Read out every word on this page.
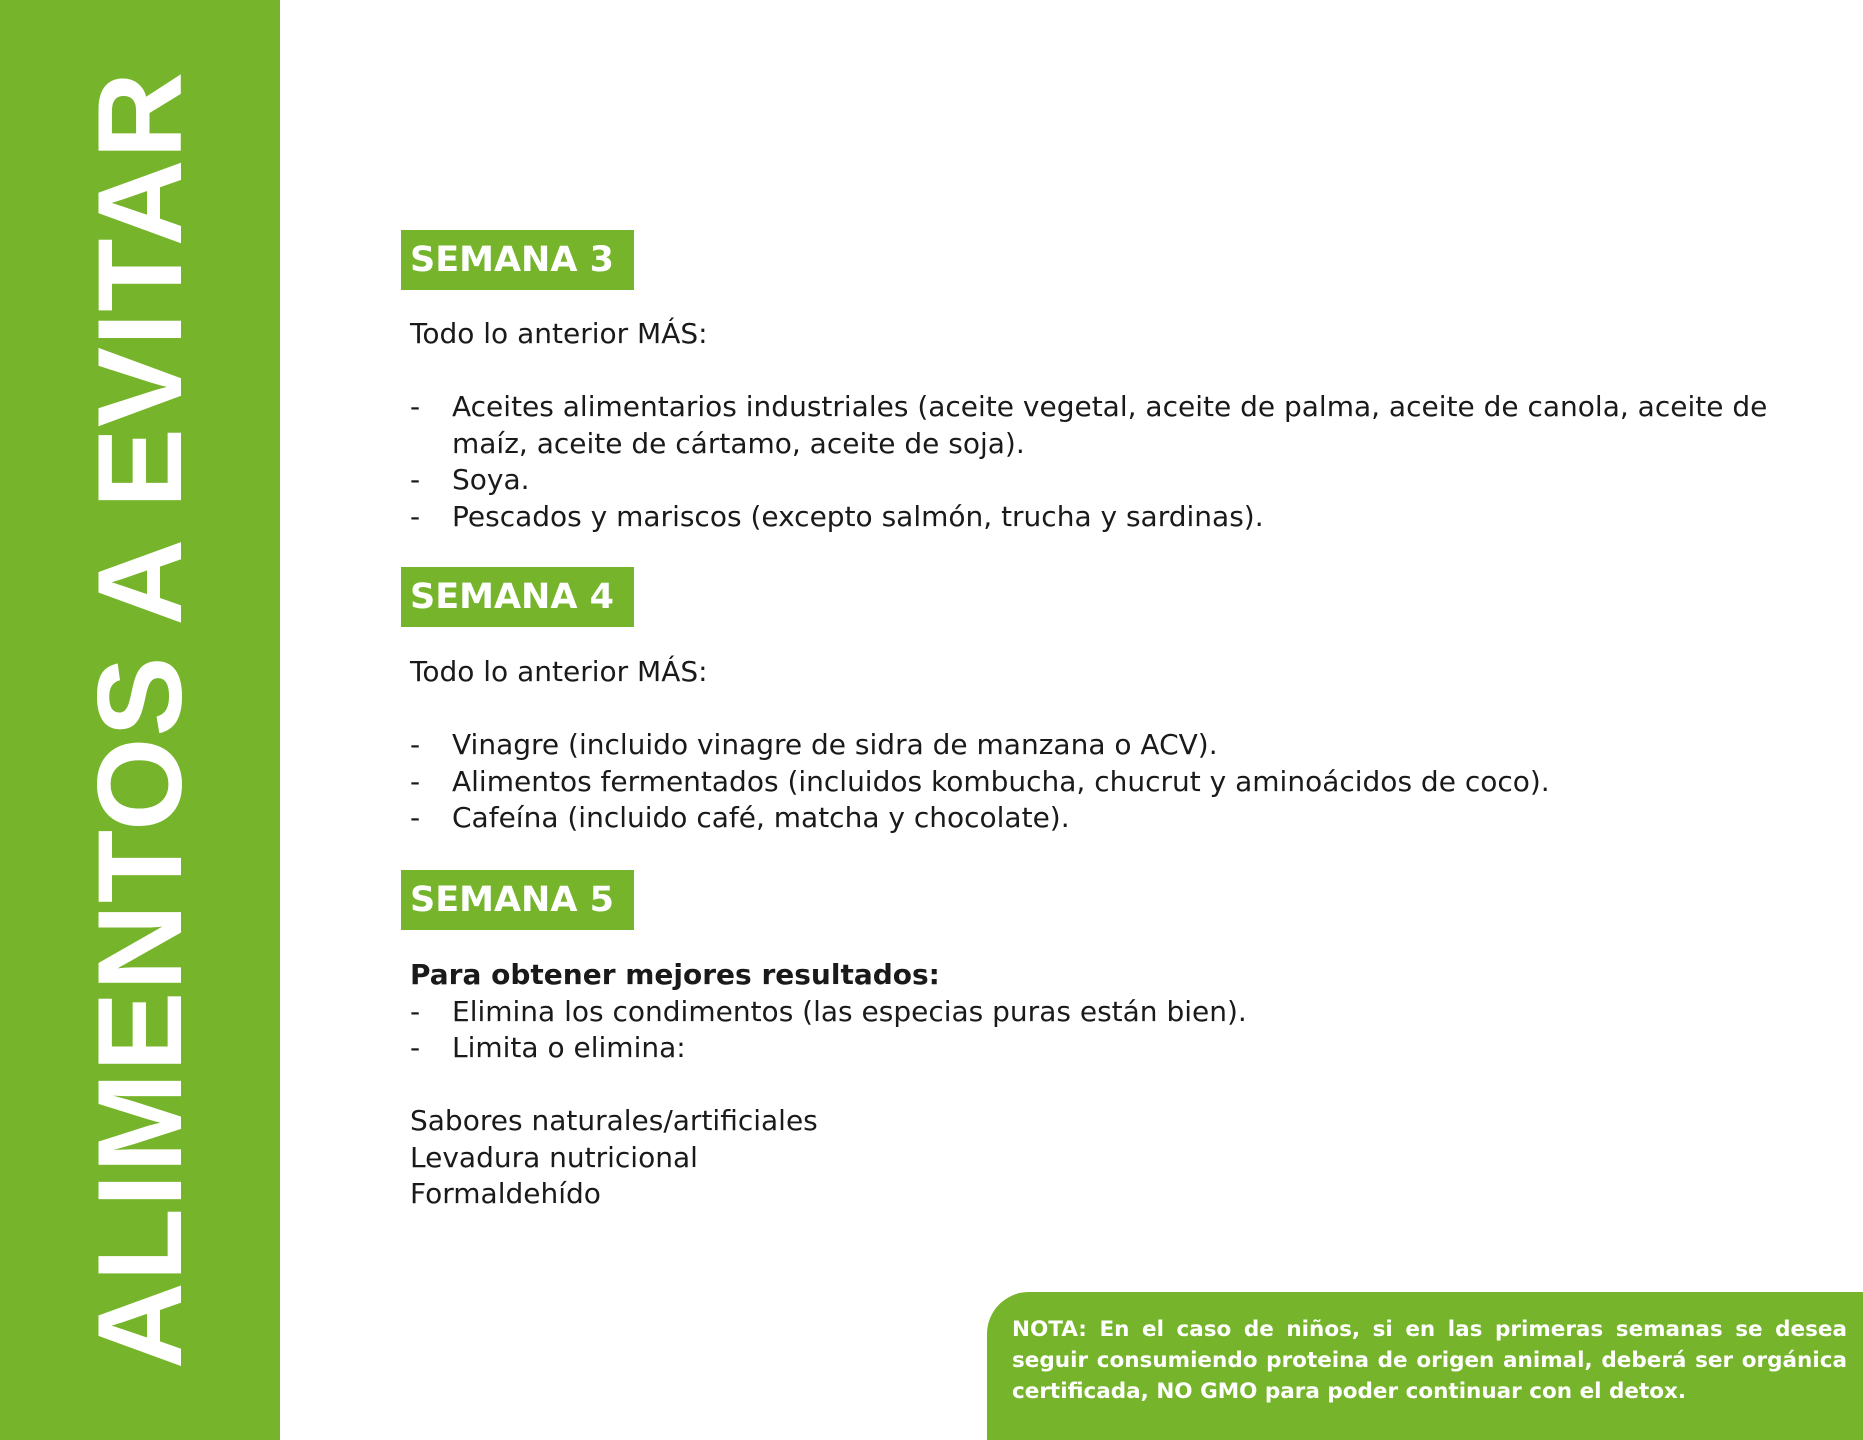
ALIMENTOS A EVITAR	SEMANA 3

Todo lo anterior MÁS:

-	Aceites alimentarios industriales (aceite vegetal, aceite de palma, aceite de canola, aceite de maíz, aceite de cártamo, aceite de soja).
-	Soya.
-	Pescados y mariscos (excepto salmón, trucha y sardinas).
SEMANA 4

Todo lo anterior MÁS:

-	Vinagre (incluido vinagre de sidra de manzana o ACV).
-	Alimentos fermentados (incluidos kombucha, chucrut y aminoácidos de coco).
-	Cafeína (incluido café, matcha y chocolate).
SEMANA 5

Para obtener mejores resultados:

-	Elimina los condimentos (las especias puras están bien).
-	Limita o elimina:

Sabores naturales/artificiales

Levadura nutricional

Formaldehído

NOTA: En el caso de niños, si en las primeras semanas se desea seguir consumiendo proteina de origen animal, deberá ser orgánica certificada, NO GMO para poder continuar con el detox.
